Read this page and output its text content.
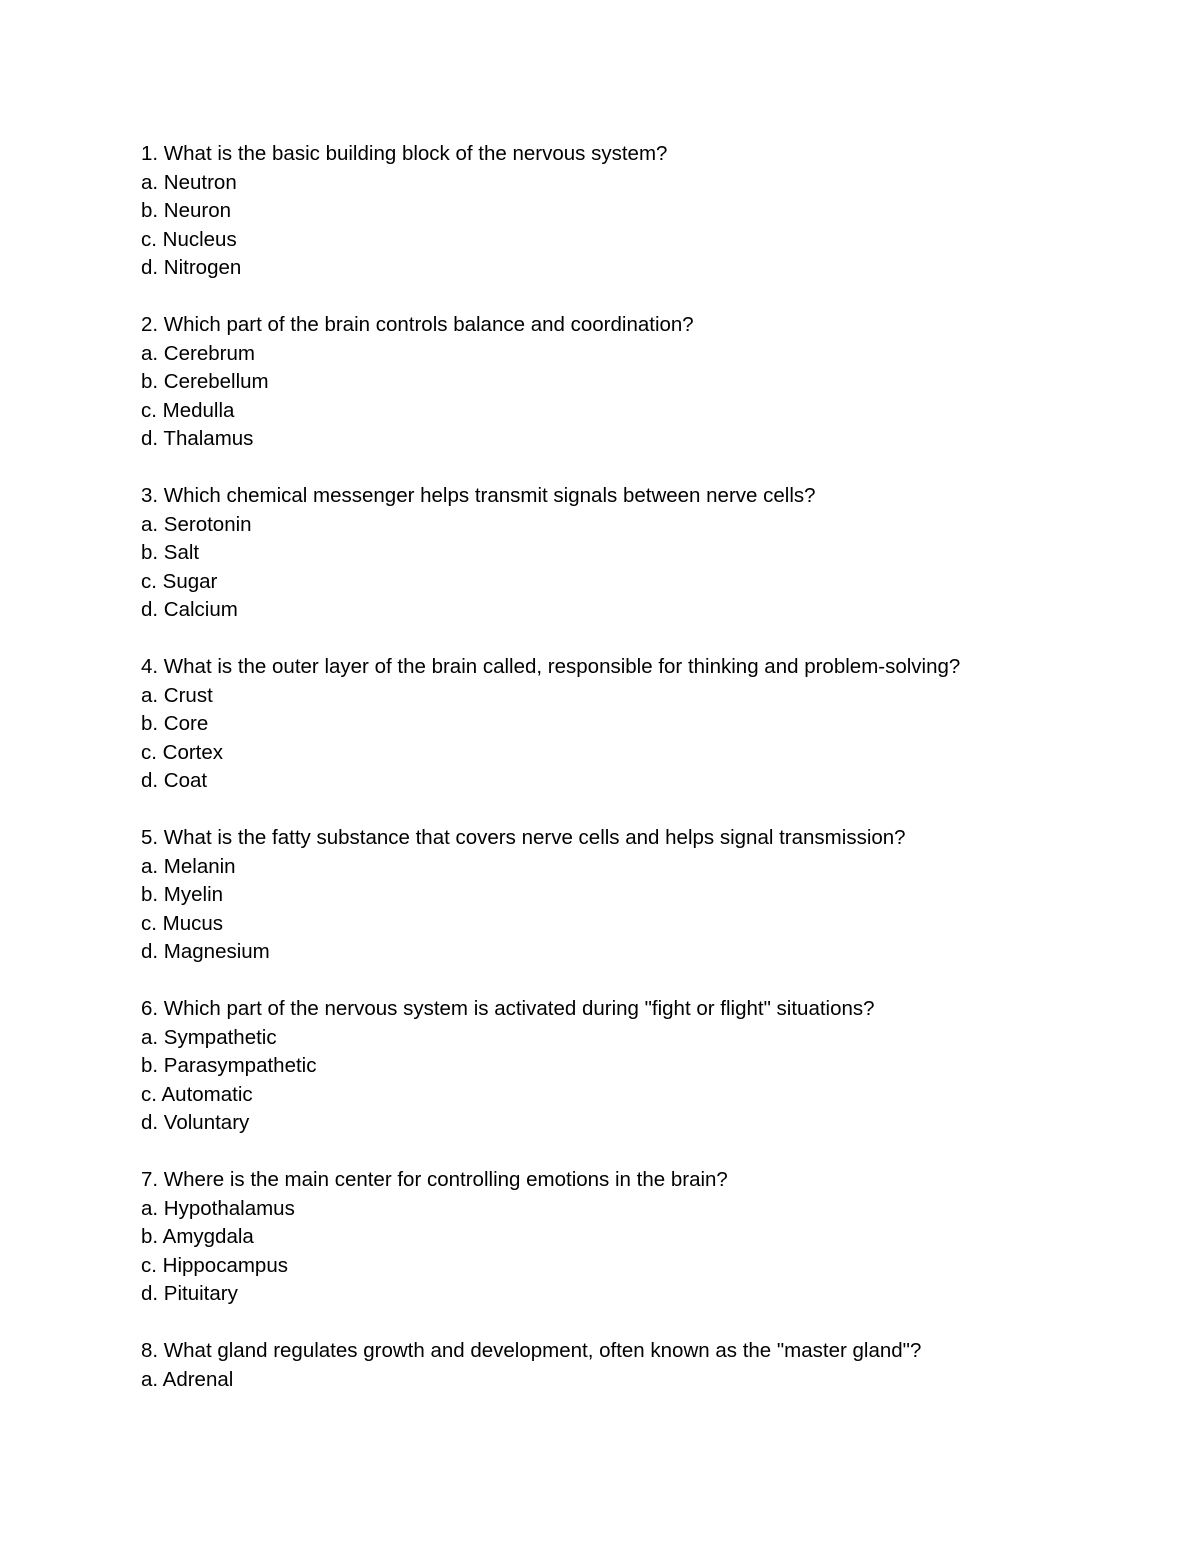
1. What is the basic building block of the nervous system?
a. Neutron
b. Neuron
c. Nucleus
d. Nitrogen
2. Which part of the brain controls balance and coordination?
a. Cerebrum
b. Cerebellum
c. Medulla
d. Thalamus
3. Which chemical messenger helps transmit signals between nerve cells?
a. Serotonin
b. Salt
c. Sugar
d. Calcium
4. What is the outer layer of the brain called, responsible for thinking and problem-solving?
a. Crust
b. Core
c. Cortex
d. Coat
5. What is the fatty substance that covers nerve cells and helps signal transmission?
a. Melanin
b. Myelin
c. Mucus
d. Magnesium
6. Which part of the nervous system is activated during "fight or flight" situations?
a. Sympathetic
b. Parasympathetic
c. Automatic
d. Voluntary
7. Where is the main center for controlling emotions in the brain?
a. Hypothalamus
b. Amygdala
c. Hippocampus
d. Pituitary
8. What gland regulates growth and development, often known as the "master gland"?
a. Adrenal
